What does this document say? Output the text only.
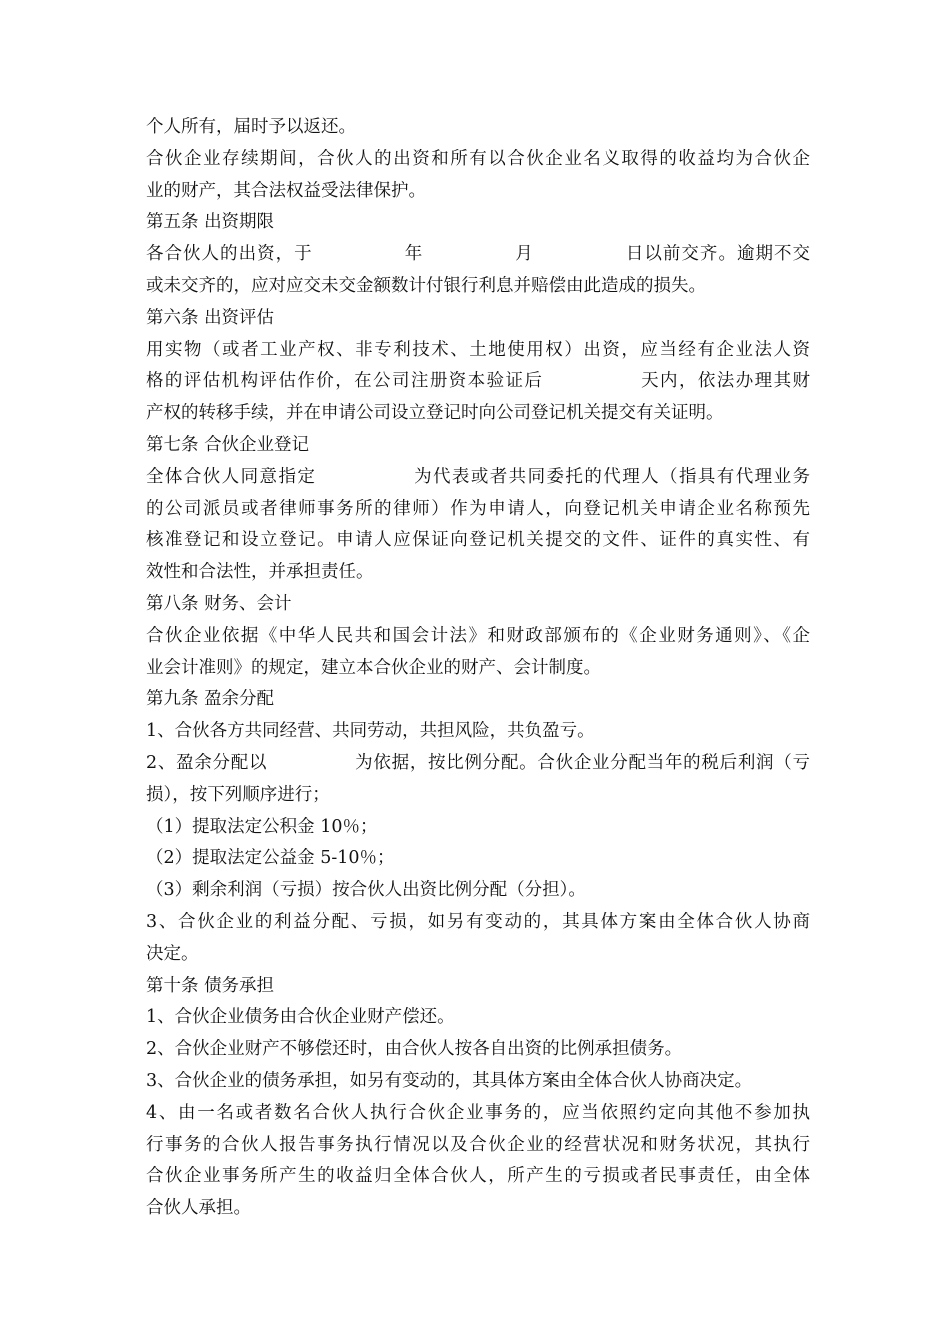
个人所有，届时予以返还。
合伙企业存续期间，合伙人的出资和所有以合伙企业名义取得的收益均为合伙企
业的财产，其合法权益受法律保护。
第五条 出资期限
各合伙人的出资，于              年              月              日以前交齐。逾期不交
或未交齐的，应对应交未交金额数计付银行利息并赔偿由此造成的损失。
第六条 出资评估
用实物（或者工业产权、非专利技术、土地使用权）出资，应当经有企业法人资
格的评估机构评估作价，在公司注册资本验证后              天内，依法办理其财
产权的转移手续，并在申请公司设立登记时向公司登记机关提交有关证明。
第七条 合伙企业登记
全体合伙人同意指定              为代表或者共同委托的代理人（指具有代理业务
的公司派员或者律师事务所的律师）作为申请人，向登记机关申请企业名称预先
核准登记和设立登记。申请人应保证向登记机关提交的文件、证件的真实性、有
效性和合法性，并承担责任。
第八条 财务、会计
合伙企业依据《中华人民共和国会计法》和财政部颁布的《企业财务通则》、《企
业会计准则》的规定，建立本合伙企业的财产、会计制度。
第九条 盈余分配
1、合伙各方共同经营、共同劳动，共担风险，共负盈亏。
2、盈余分配以              为依据，按比例分配。合伙企业分配当年的税后利润（亏
损），按下列顺序进行；
（1）提取法定公积金 10％；
（2）提取法定公益金 5-10％；
（3）剩余利润（亏损）按合伙人出资比例分配（分担）。
3、合伙企业的利益分配、亏损，如另有变动的，其具体方案由全体合伙人协商
决定。
第十条 债务承担
1、合伙企业债务由合伙企业财产偿还。
2、合伙企业财产不够偿还时，由合伙人按各自出资的比例承担债务。
3、合伙企业的债务承担，如另有变动的，其具体方案由全体合伙人协商决定。
4、由一名或者数名合伙人执行合伙企业事务的，应当依照约定向其他不参加执
行事务的合伙人报告事务执行情况以及合伙企业的经营状况和财务状况，其执行
合伙企业事务所产生的收益归全体合伙人，所产生的亏损或者民事责任，由全体
合伙人承担。
